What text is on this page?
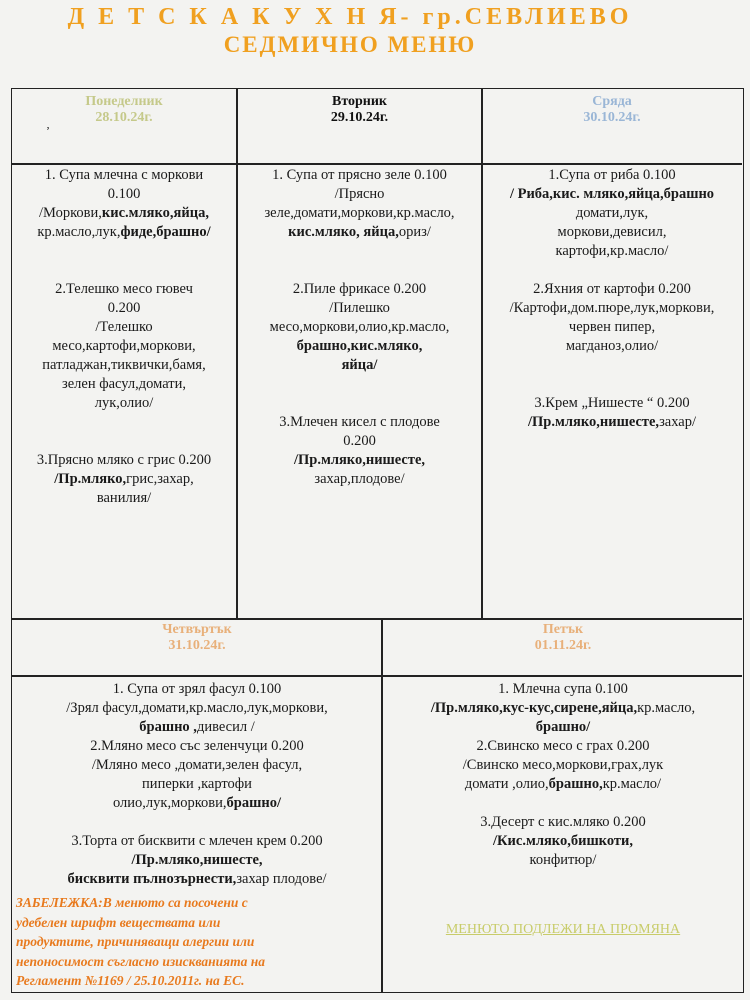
Д Е Т С К А К У Х Н Я- гр.СЕВЛИЕВО
СЕДМИЧНО МЕНЮ
ʼ
Понеделник
28.10.24г.
Вторник
29.10.24г.
Сряда
30.10.24г.
Четвъртък
31.10.24г.
Петък
01.11.24г.

1. Супа млечна с моркови

0.100

/Моркови,кис.мляко,яйца,

кр.масло,лук,фиде,брашно/

2.Телешко месо гювеч

0.200

/Телешко

месо,картофи,моркови,

патладжан,тиквички,бамя,

зелен фасул,домати,

лук,олио/

3.Прясно мляко с грис 0.200

/Пр.мляко,грис,захар,

ванилия/

1. Супа от прясно зеле 0.100

/Прясно

зеле,домати,моркови,кр.масло,

кис.мляко, яйца,ориз/

2.Пиле фрикасе 0.200

/Пилешко

месо,моркови,олио,кр.масло,

брашно,кис.мляко,

яйца/

3.Млечен кисел с плодове

0.200

/Пр.мляко,нишесте,

захар,плодове/

1.Супа от риба 0.100

/ Риба,кис. мляко,яйца,брашно

домати,лук,

моркови,девисил,

картофи,кр.масло/

2.Яхния от картофи 0.200

/Картофи,дом.пюре,лук,моркови,

червен пипер,

магданоз,олио/

3.Крем „Нишесте “ 0.200

/Пр.мляко,нишесте,захар/

1. Супа от зрял фасул 0.100

/Зрял фасул,домати,кр.масло,лук,моркови,

брашно ,дивесил /

2.Мляно месо със зеленчуци 0.200

/Мляно месо ,домати,зелен фасул,

пиперки ,картофи

олио,лук,моркови,брашно/

3.Торта от бисквити с млечен крем 0.200

/Пр.мляко,нишесте,

бисквити пълнозърнести,захар плодове/

1. Млечна супа 0.100

/Пр.мляко,кус-кус,сирене,яйца,кр.масло,

брашно/

2.Свинско месо с грах 0.200

/Свинско месо,моркови,грах,лук

домати ,олио,брашно,кр.масло/

3.Десерт с кис.мляко 0.200

/Кис.мляко,бишкоти,

конфитюр/

ЗАБЕЛЕЖКА:В менюто са посочени с
удебелен шрифт веществата или
продуктите, причиняващи алергии или
непоносимост съгласно изискванията на
Регламент №1169 / 25.10.2011г. на ЕС.
МЕНЮТО ПОДЛЕЖИ НА ПРОМЯНА
